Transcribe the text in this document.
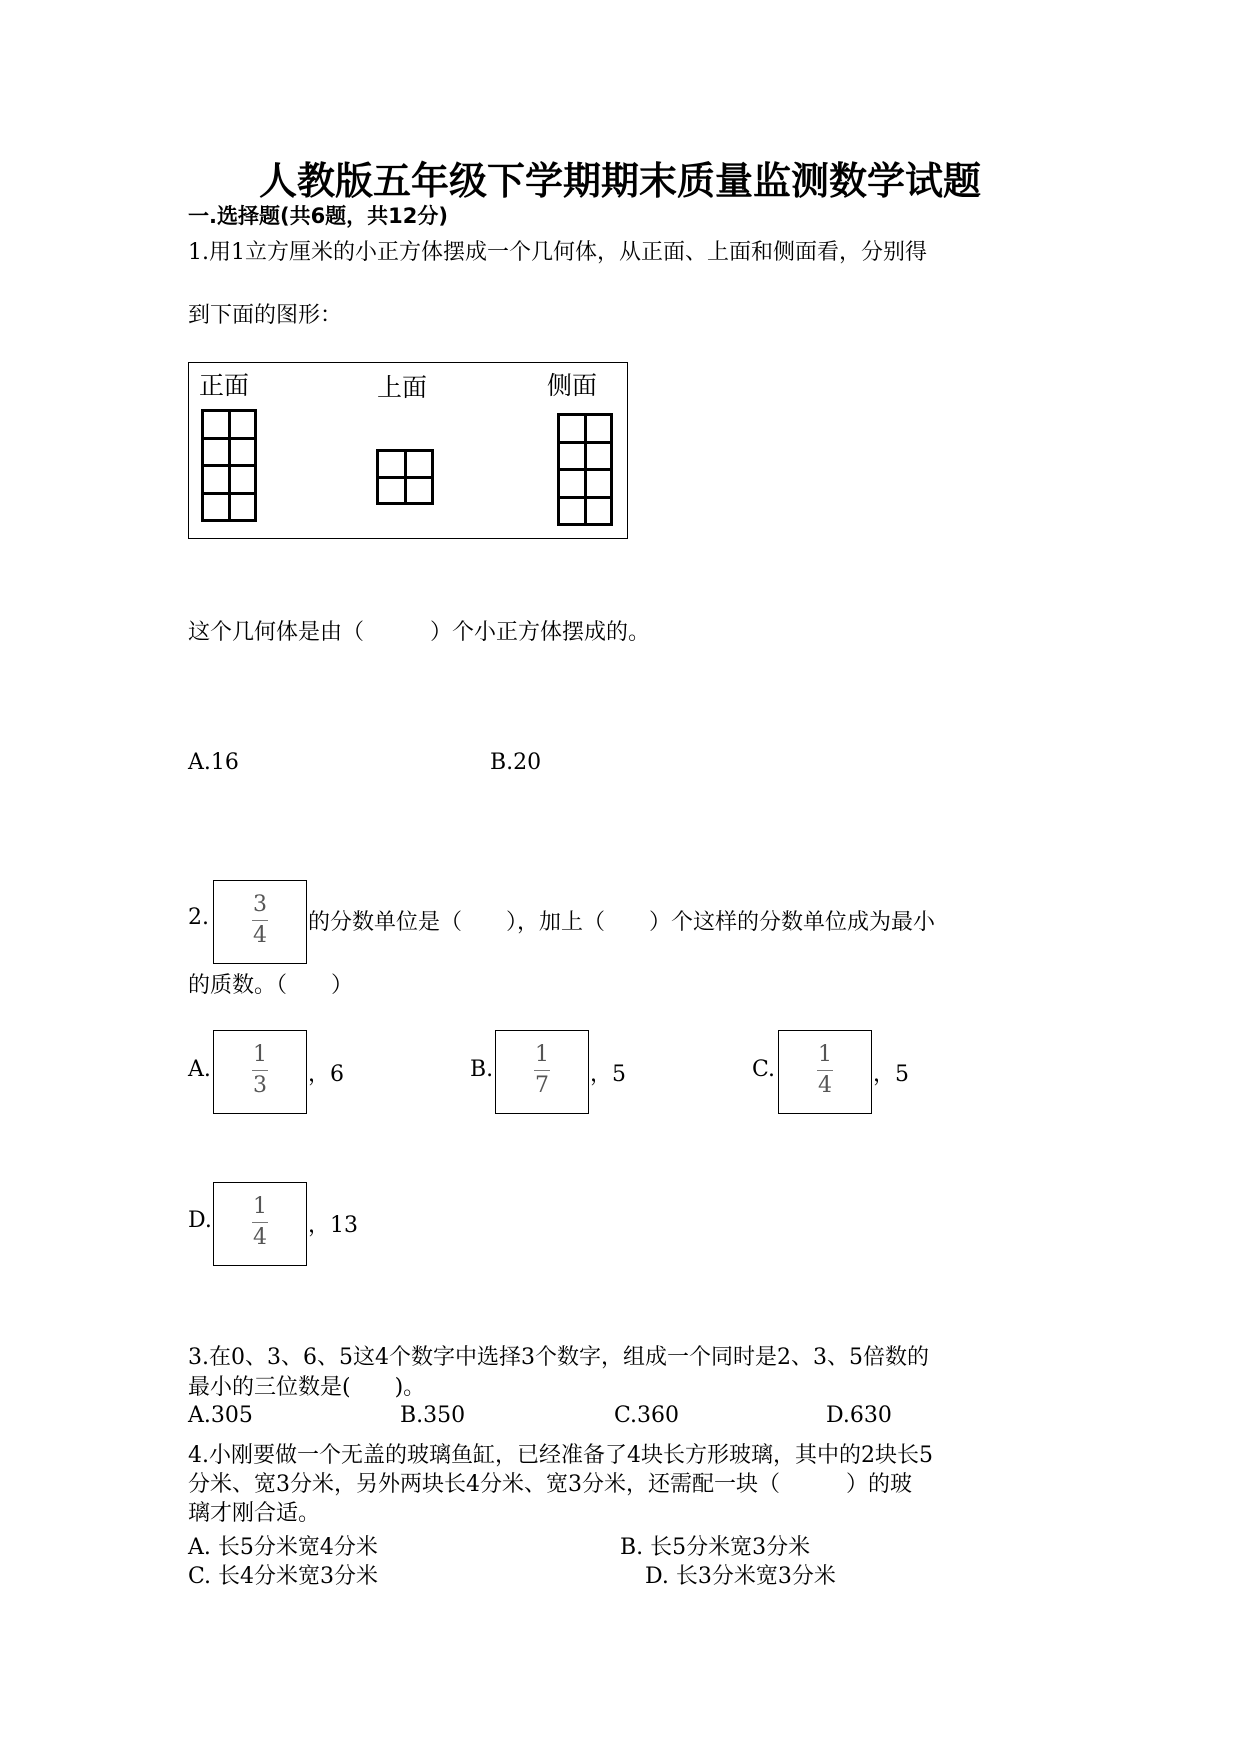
人教版五年级下学期期末质量监测数学试题
一.选择题(共6题，共12分)
1.用1立方厘米的小正方体摆成一个几何体，从正面、上面和侧面看，分别得
到下面的图形：
正面	上面	侧面
这个几何体是由（　　　）个小正方体摆成的。
A.16	B.20
2.
3
4
的分数单位是（　　），加上（　　）个这样的分数单位成为最小
的质数。（　　）
A.
1
3 ，6	B.
1
7 ，5	C.
1
4 ，5
D.
1
4 ，13
3.在0、3、6、5这4个数字中选择3个数字，组成一个同时是2、3、5倍数的
最小的三位数是(　　)。
A.305	B.350	C.360	D.630
4.小刚要做一个无盖的玻璃鱼缸，已经准备了4块长方形玻璃，其中的2块长5
分米、宽3分米，另外两块长4分米、宽3分米，还需配一块（　　　）的玻
璃才刚合适。
A. 长5分米宽4分米	B. 长5分米宽3分米
C. 长4分米宽3分米	D. 长3分米宽3分米
